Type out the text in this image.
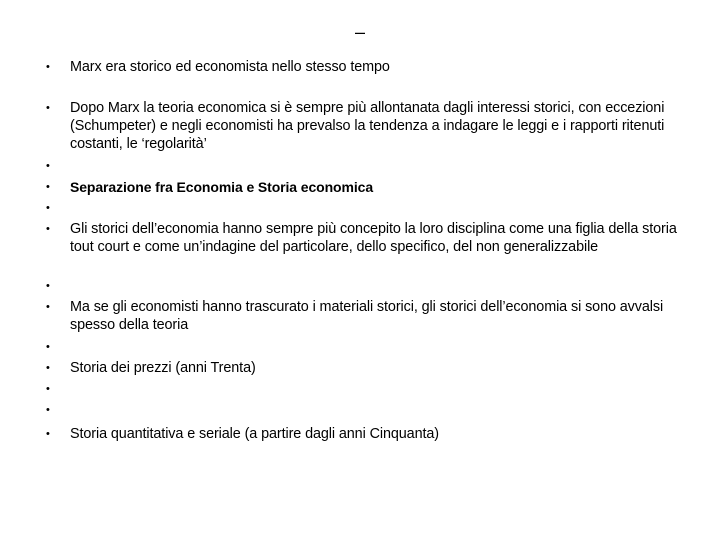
–
• Marx era storico ed economista nello stesso tempo
• Dopo Marx la teoria economica si è sempre più allontanata dagli interessi storici, con eccezioni (Schumpeter) e negli economisti ha prevalso la tendenza a indagare le leggi e i rapporti ritenuti costanti, le ‘regolarità’
•
• Separazione fra Economia e Storia economica
•
• Gli storici dell’economia hanno sempre più concepito la loro disciplina come una figlia della storia tout court e come un’indagine del particolare, dello specifico, del non generalizzabile
•
• Ma se gli economisti hanno trascurato i materiali storici, gli storici dell’economia si sono avvalsi spesso della teoria
•
• Storia dei prezzi (anni Trenta)
•
•
• Storia quantitativa e seriale (a partire dagli anni Cinquanta)
